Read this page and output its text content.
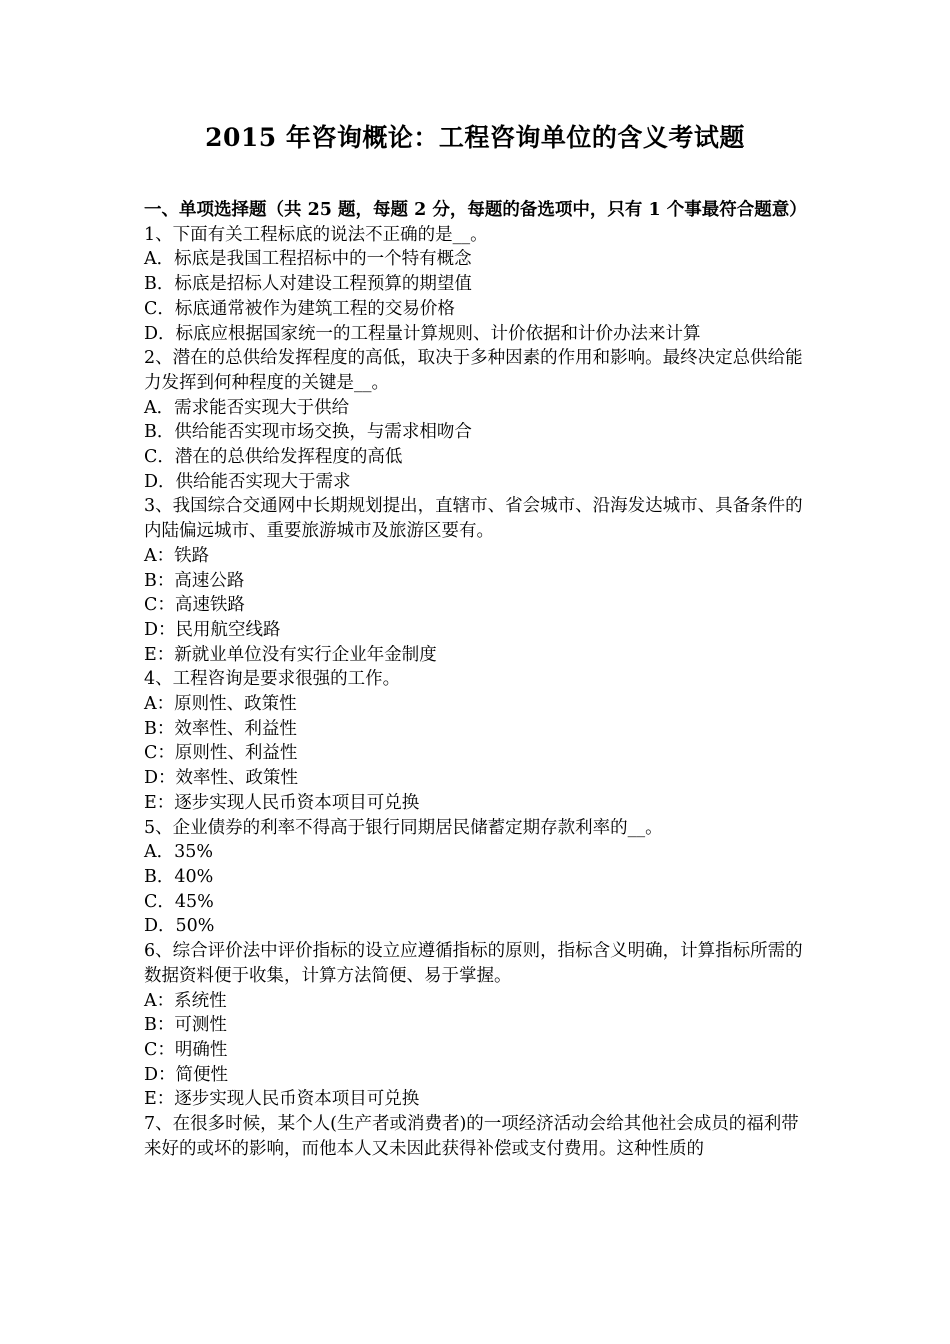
2015 年咨询概论：工程咨询单位的含义考试题

一、单项选择题（共 25 题，每题 2 分，每题的备选项中，只有 1 个事最符合题意）

1、下面有关工程标底的说法不正确的是__。

A．标底是我国工程招标中的一个特有概念

B．标底是招标人对建设工程预算的期望值

C．标底通常被作为建筑工程的交易价格

D．标底应根据国家统一的工程量计算规则、计价依据和计价办法来计算

2、潜在的总供给发挥程度的高低，取决于多种因素的作用和影响。最终决定总供给能力发挥到何种程度的关键是__。

A．需求能否实现大于供给

B．供给能否实现市场交换，与需求相吻合

C．潜在的总供给发挥程度的高低

D．供给能否实现大于需求

3、我国综合交通网中长期规划提出，直辖市、省会城市、沿海发达城市、具备条件的内陆偏远城市、重要旅游城市及旅游区要有。

A：铁路

B：高速公路

C：高速铁路

D：民用航空线路

E：新就业单位没有实行企业年金制度

4、工程咨询是要求很强的工作。

A：原则性、政策性

B：效率性、利益性

C：原则性、利益性

D：效率性、政策性

E：逐步实现人民币资本项目可兑换

5、企业债券的利率不得高于银行同期居民储蓄定期存款利率的__。

A．35%

B．40%

C．45%

D．50%

6、综合评价法中评价指标的设立应遵循指标的原则，指标含义明确，计算指标所需的数据资料便于收集，计算方法简便、易于掌握。

A：系统性

B：可测性

C：明确性

D：简便性

E：逐步实现人民币资本项目可兑换

7、在很多时候，某个人(生产者或消费者)的一项经济活动会给其他社会成员的福利带来好的或坏的影响，而他本人又未因此获得补偿或支付费用。这种性质的
